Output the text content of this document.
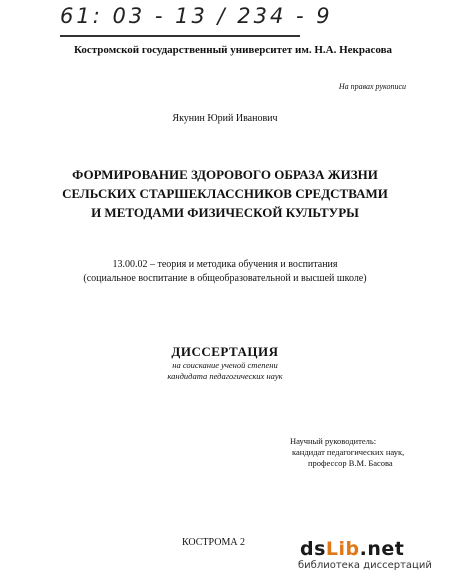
61: 03 - 13 / 234 - 9
Костромской государственный университет им. Н.А. Некрасова
На правах рукописи
Якунин Юрий Иванович
ФОРМИРОВАНИЕ ЗДОРОВОГО ОБРАЗА ЖИЗНИ
СЕЛЬСКИХ СТАРШЕКЛАССНИКОВ СРЕДСТВАМИ
И МЕТОДАМИ ФИЗИЧЕСКОЙ КУЛЬТУРЫ
13.00.02 – теория и методика обучения и воспитания
(социальное воспитание в общеобразовательной и высшей школе)
ДИССЕРТАЦИЯ
на соискание ученой степени
кандидата педагогических наук
Научный руководитель:
кандидат педагогических наук,
профессор В.М. Басова
КОСТРОМА 2	dsLib.net
библиотека диссертаций
